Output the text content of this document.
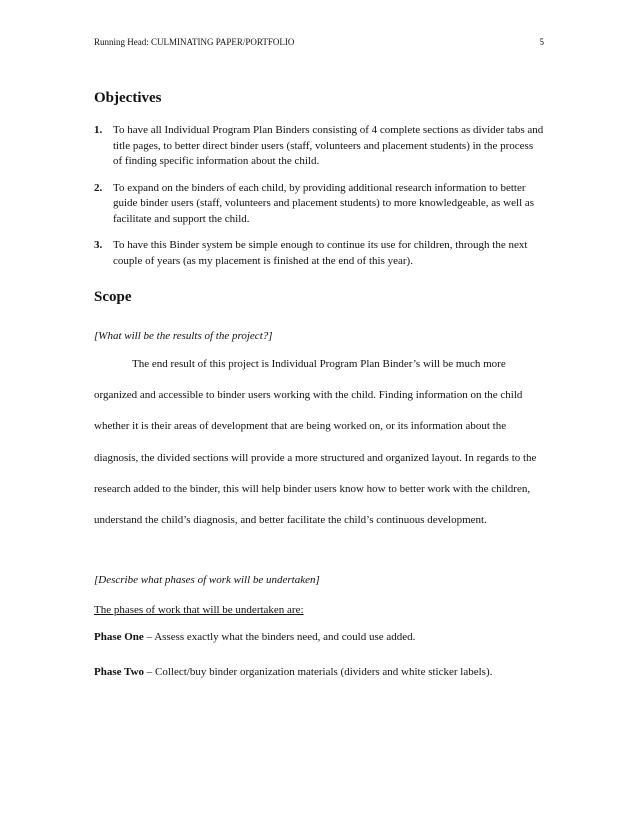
Running Head: CULMINATING PAPER/PORTFOLIO	5
Objectives
1. To have all Individual Program Plan Binders consisting of 4 complete sections as divider tabs and title pages, to better direct binder users (staff, volunteers and placement students) in the process of finding specific information about the child.
2. To expand on the binders of each child, by providing additional research information to better guide binder users (staff, volunteers and placement students) to more knowledgeable, as well as facilitate and support the child.
3. To have this Binder system be simple enough to continue its use for children, through the next couple of years (as my placement is finished at the end of this year).
Scope
[What will be the results of the project?]
The end result of this project is Individual Program Plan Binder’s will be much more organized and accessible to binder users working with the child. Finding information on the child whether it is their areas of development that are being worked on, or its information about the diagnosis, the divided sections will provide a more structured and organized layout. In regards to the research added to the binder, this will help binder users know how to better work with the children, understand the child’s diagnosis, and better facilitate the child’s continuous development.
[Describe what phases of work will be undertaken]
The phases of work that will be undertaken are:
Phase One – Assess exactly what the binders need, and could use added.
Phase Two – Collect/buy binder organization materials (dividers and white sticker labels).
